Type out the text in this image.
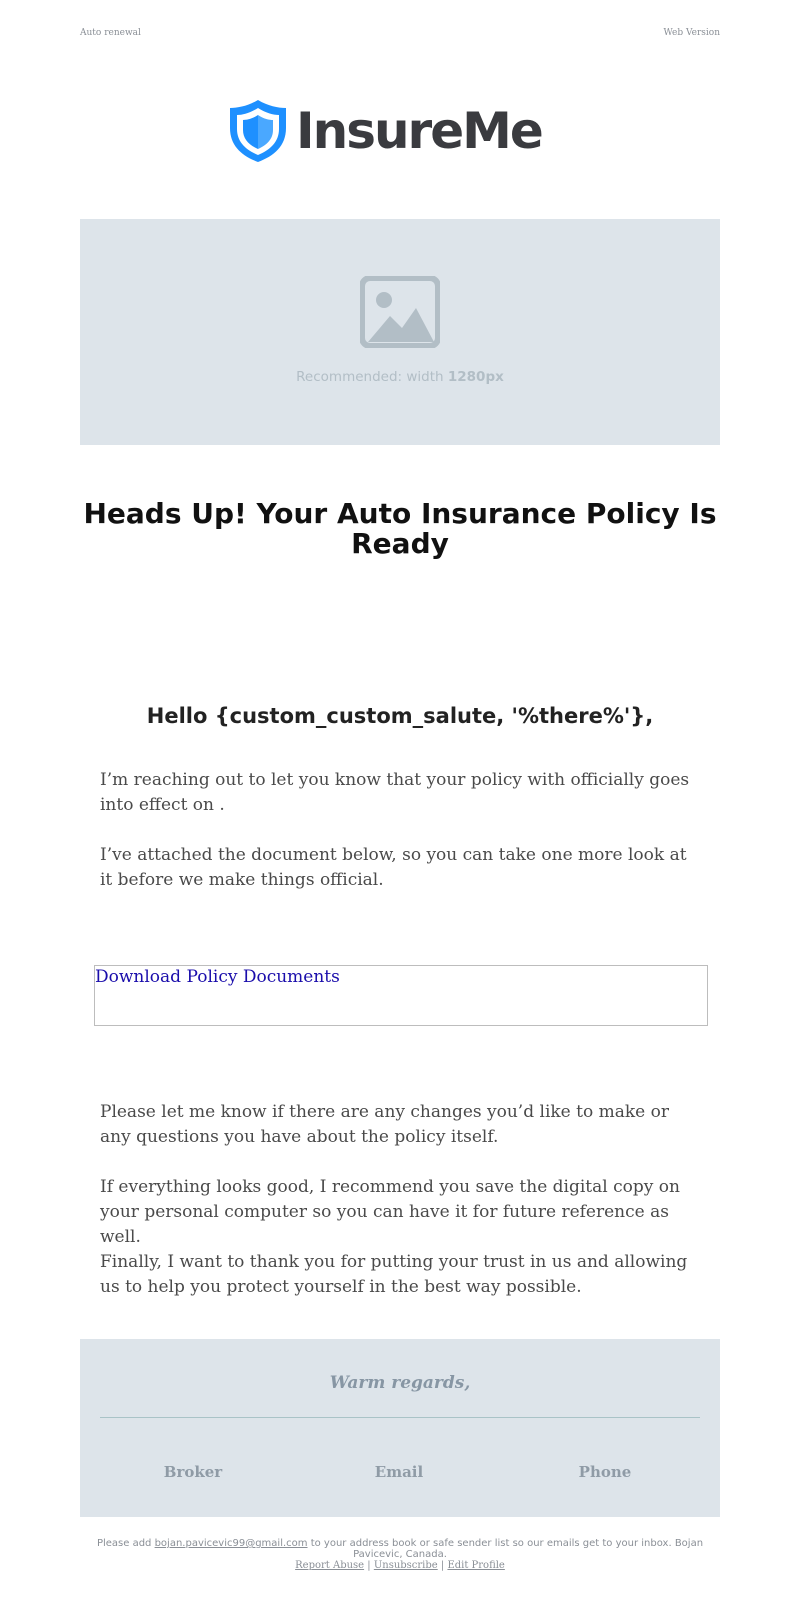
Auto renewal	Web Version
InsureMe
Recommended: width 1280px
Heads Up! Your Auto Insurance Policy Is Ready
Hello {custom_custom_salute, '%there%'},

I’m reaching out to let you know that your policy with officially goes into effect on .

I’ve attached the document below, so you can take one more look at it before we make things official.

Download Policy Documents

Please let me know if there are any changes you’d like to make or any questions you have about the policy itself.

If everything looks good, I recommend you save the digital copy on your personal computer so you can have it for future reference as well.

Finally, I want to thank you for putting your trust in us and allowing us to help you protect yourself in the best way possible.

Warm regards,
Broker	Email	Phone
Please add bojan.pavicevic99@gmail.com to your address book or safe sender list so our emails get to your inbox. Bojan Pavicevic, Canada.
Report Abuse | Unsubscribe | Edit Profile
